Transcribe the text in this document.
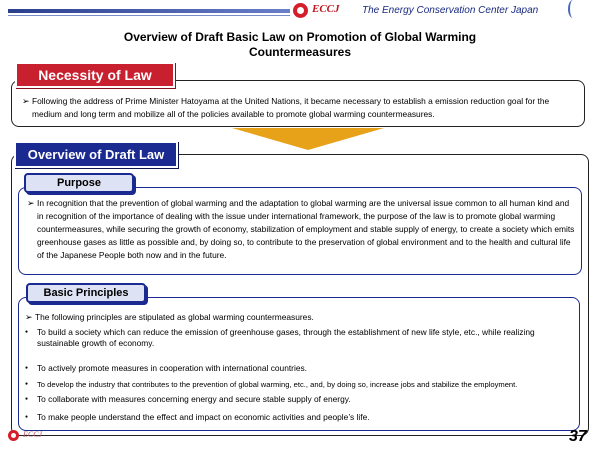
ECCJ The Energy Conservation Center Japan
Overview of Draft Basic Law on Promotion of Global Warming
Countermeasures
Necessity of Law
➢ Following the address of Prime Minister Hatoyama at the United Nations, it became necessary to establish a emission reduction goal for the medium and long term and mobilize all of the policies available to promote global warming countermeasures.
Overview of Draft Law
Purpose
➢ In recognition that the prevention of global warming and the adaptation to global warming are the universal issue common to all human kind and in recognition of the importance of dealing with the issue under international framework, the purpose of the law is to promote global warming countermeasures, while securing the growth of economy, stabilization of employment and stable supply of energy, to create a society which emits greenhouse gases as little as possible and, by doing so, to contribute to the preservation of global environment and to the health and cultural life of the Japanese People both now and in the future.
Basic Principles
➢ The following principles are stipulated as global warming countermeasures.
● To build a society which can reduce the emission of greenhouse gases, through the establishment of new life style, etc., while realizing sustainable growth of economy.
● To actively promote measures in cooperation with international countries.
● To develop the industry that contributes to the prevention of global warming, etc., and, by doing so, increase jobs and stabilize the employment.
● To collaborate with measures concerning energy and secure stable supply of energy.
● To make people understand the effect and impact on economic activities and people’s life.
ECCJ	37
